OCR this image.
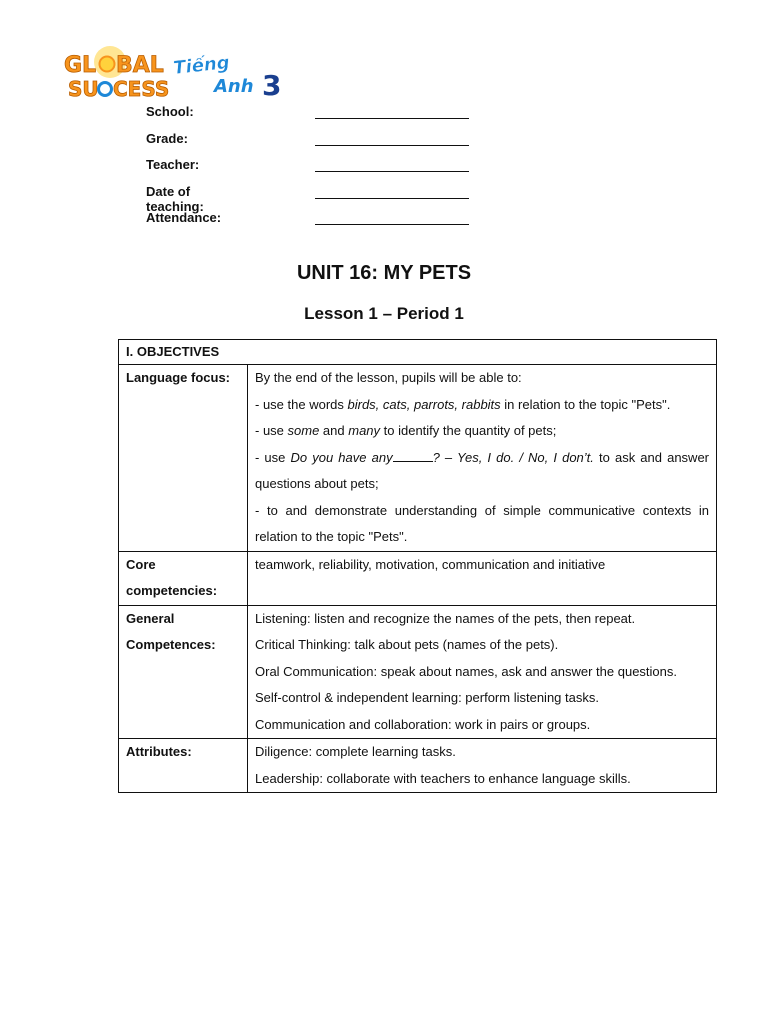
GL BAL
SU CESS
Tiếng
Anh 3
School:
Grade:
Teacher:
Date of teaching:
Attendance:
UNIT 16: MY PETS
Lesson 1 – Period 1
I. OBJECTIVES	
Language focus:	By the end of the lesson, pupils will be able to:
- use the words birds, cats, parrots, rabbits in relation to the topic "Pets".
- use some and many to identify the quantity of pets;
- use Do you have any ? – Yes, I do. / No, I don’t. to ask and answer questions about pets;
- to and demonstrate understanding of simple communicative contexts in relation to the topic "Pets".

Core competencies:	teamwork, reliability, motivation, communication and initiative
General Competences:	Listening: listen and recognize the names of the pets, then repeat.
Critical Thinking: talk about pets (names of the pets).
Oral Communication: speak about names, ask and answer the questions.
Self-control & independent learning: perform listening tasks.
Communication and collaboration: work in pairs or groups.

Attributes:	Diligence: complete learning tasks.
Leadership: collaborate with teachers to enhance language skills.
